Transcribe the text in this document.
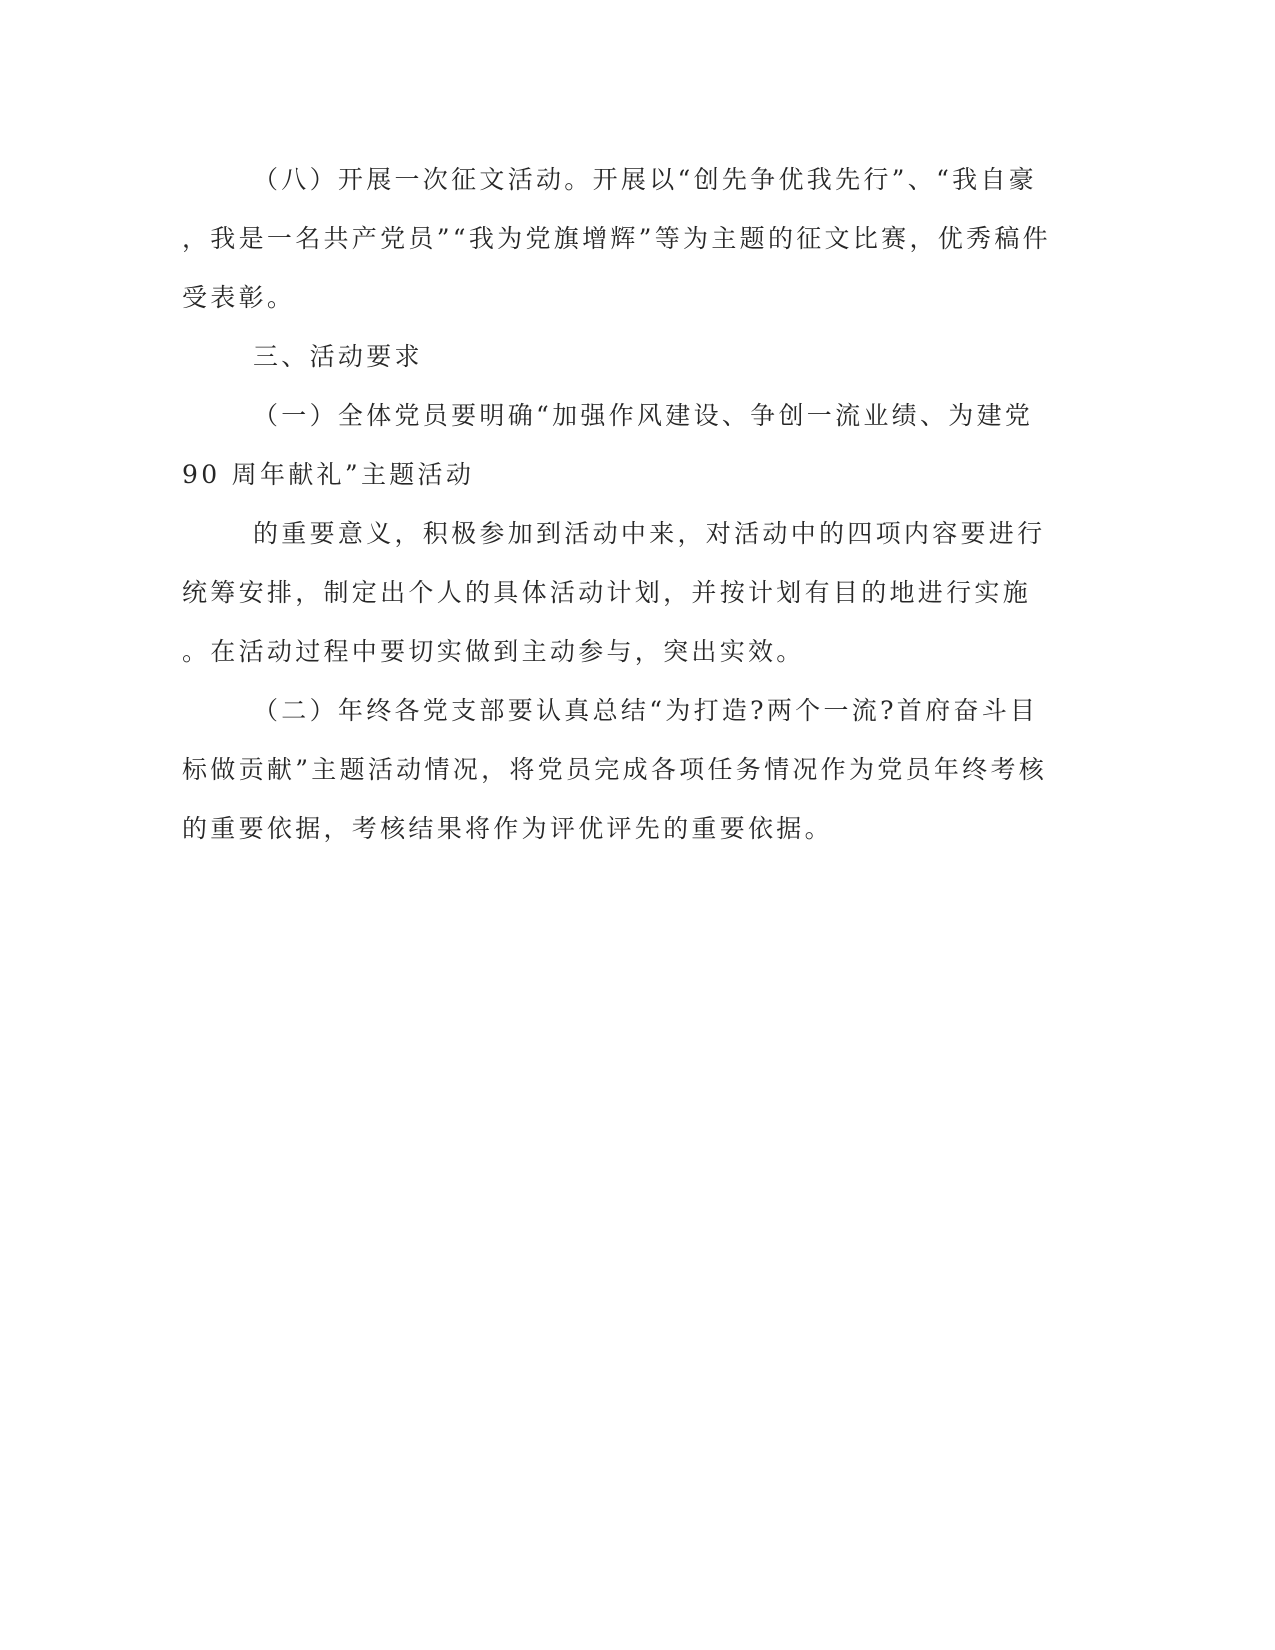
（八）开展一次征文活动。开展以“创先争优我先行”、“我自豪

，我是一名共产党员”“我为党旗增辉”等为主题的征文比赛，优秀稿件

受表彰。

三、活动要求

（一）全体党员要明确“加强作风建设、争创一流业绩、为建党

90 周年献礼”主题活动

的重要意义，积极参加到活动中来，对活动中的四项内容要进行

统筹安排，制定出个人的具体活动计划，并按计划有目的地进行实施

。在活动过程中要切实做到主动参与，突出实效。

（二）年终各党支部要认真总结“为打造?两个一流?首府奋斗目

标做贡献”主题活动情况，将党员完成各项任务情况作为党员年终考核

的重要依据，考核结果将作为评优评先的重要依据。
